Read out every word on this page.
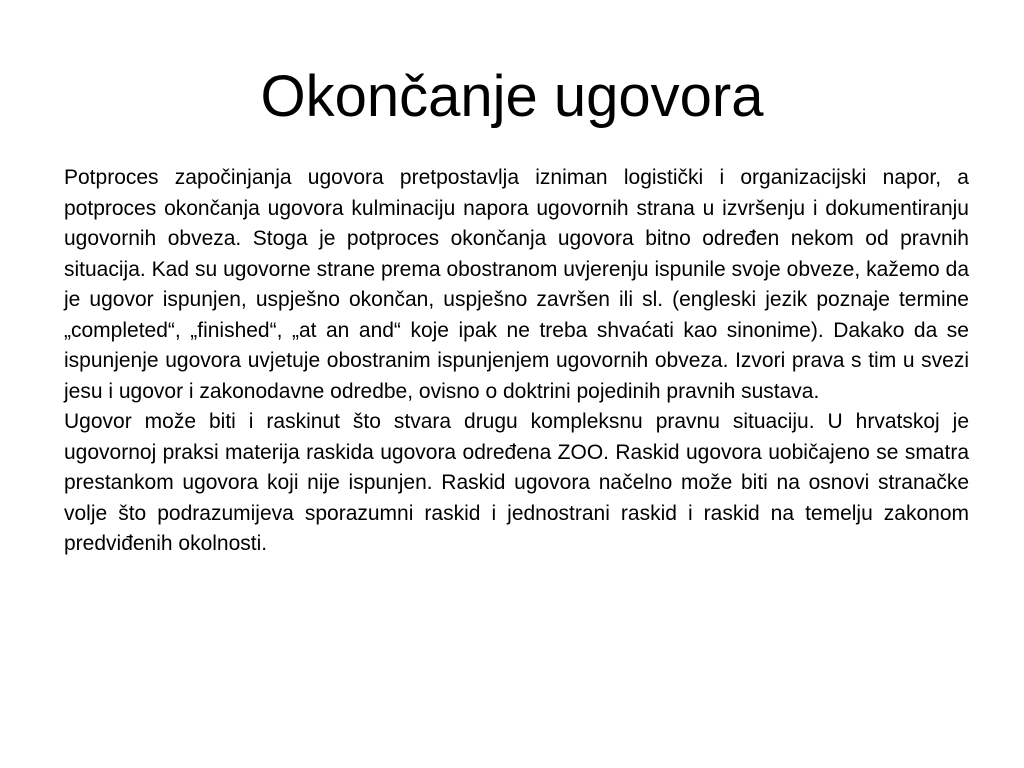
Okončanje ugovora

Potproces započinjanja ugovora pretpostavlja izniman logistički i organizacijski napor, a potproces okončanja ugovora kulminaciju napora ugovornih strana u izvršenju i dokumentiranju ugovornih obveza. Stoga je potproces okončanja ugovora bitno određen nekom od pravnih situacija. Kad su ugovorne strane prema obostranom uvjerenju ispunile svoje obveze, kažemo da je ugovor ispunjen, uspješno okončan, uspješno završen ili sl. (engleski jezik poznaje termine „completed“, „finished“, „at an and“ koje ipak ne treba shvaćati kao sinonime). Dakako da se ispunjenje ugovora uvjetuje obostranim ispunjenjem ugovornih obveza. Izvori prava s tim u svezi jesu i ugovor i zakonodavne odredbe, ovisno o doktrini pojedinih pravnih sustava.

Ugovor može biti i raskinut što stvara drugu kompleksnu pravnu situaciju. U hrvatskoj je ugovornoj praksi materija raskida ugovora određena ZOO. Raskid ugovora uobičajeno se smatra prestankom ugovora koji nije ispunjen. Raskid ugovora načelno može biti na osnovi stranačke volje što podrazumijeva sporazumni raskid i jednostrani raskid i raskid na temelju zakonom predviđenih okolnosti.
